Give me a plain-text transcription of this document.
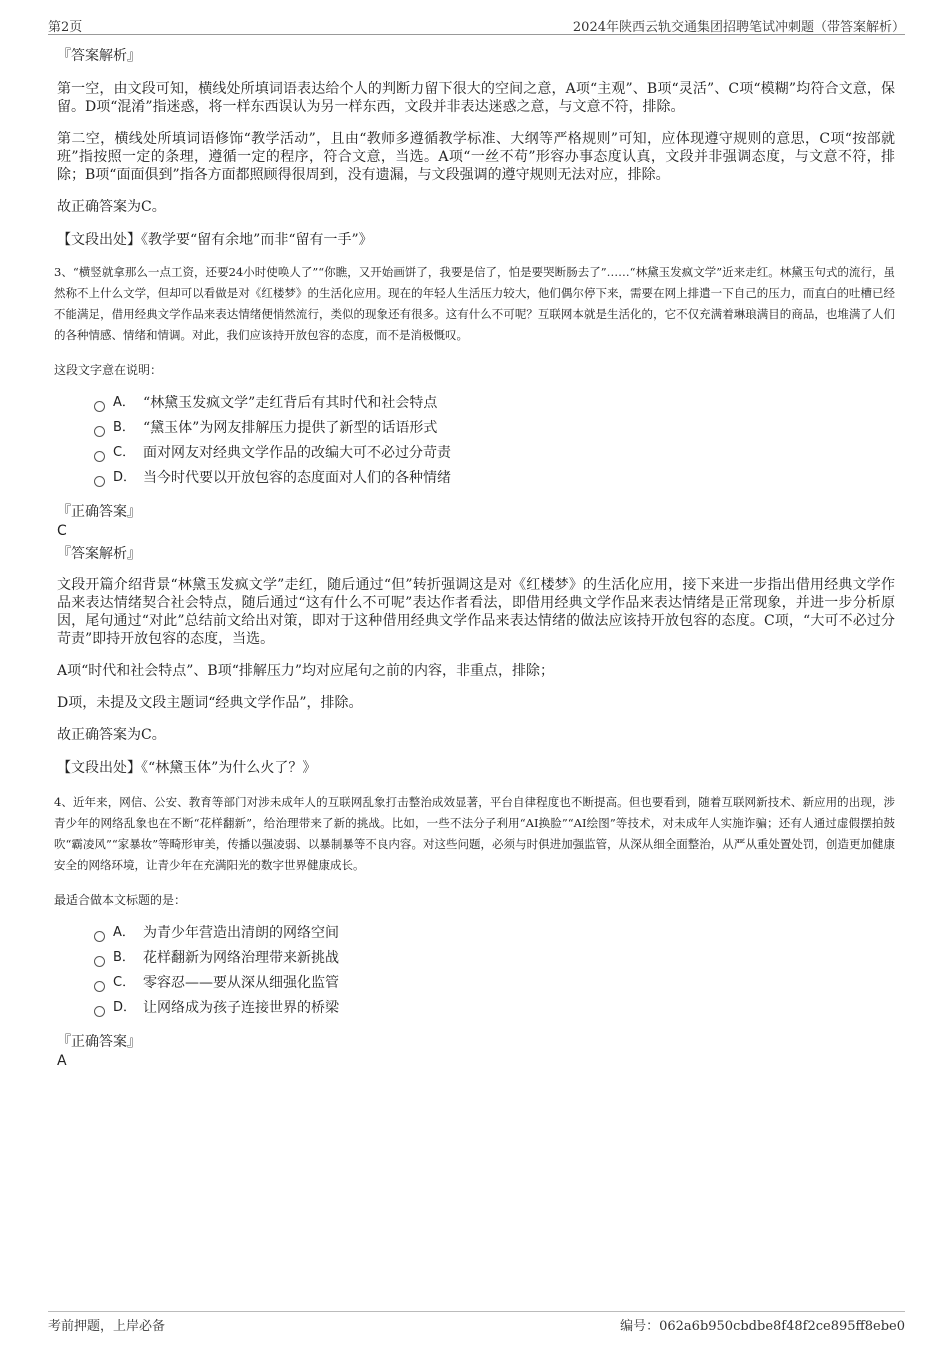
第2页	2024年陕西云轨交通集团招聘笔试冲刺题（带答案解析）
『答案解析』

第一空，由文段可知，横线处所填词语表达给个人的判断力留下很大的空间之意，A项“主观”、B项“灵活”、C项“模糊”均符合文意，保留。D项“混淆”指迷惑，将一样东西误认为另一样东西，文段并非表达迷惑之意，与文意不符，排除。

第二空，横线处所填词语修饰“教学活动”，且由“教师多遵循教学标准、大纲等严格规则”可知，应体现遵守规则的意思，C项“按部就班”指按照一定的条理，遵循一定的程序，符合文意，当选。A项“一丝不苟”形容办事态度认真，文段并非强调态度，与文意不符，排除；B项“面面俱到”指各方面都照顾得很周到，没有遗漏，与文段强调的遵守规则无法对应，排除。

故正确答案为C。

【文段出处】《教学要“留有余地”而非“留有一手”》

3、“横竖就拿那么一点工资，还要24小时使唤人了”“你瞧，又开始画饼了，我要是信了，怕是要哭断肠去了”……“林黛玉发疯文学”近来走红。林黛玉句式的流行，虽然称不上什么文学，但却可以看做是对《红楼梦》的生活化应用。现在的年轻人生活压力较大，他们偶尔停下来，需要在网上排遣一下自己的压力，而直白的吐槽已经不能满足，借用经典文学作品来表达情绪便悄然流行，类似的现象还有很多。这有什么不可呢？互联网本就是生活化的，它不仅充满着琳琅满目的商品，也堆满了人们的各种情感、情绪和情调。对此，我们应该持开放包容的态度，而不是消极慨叹。

这段文字意在说明：
A． “林黛玉发疯文学”走红背后有其时代和社会特点
B． “黛玉体”为网友排解压力提供了新型的话语形式
C． 面对网友对经典文学作品的改编大可不必过分苛责
D． 当今时代要以开放包容的态度面对人们的各种情绪
『正确答案』
C
『答案解析』

文段开篇介绍背景“林黛玉发疯文学”走红，随后通过“但”转折强调这是对《红楼梦》的生活化应用，接下来进一步指出借用经典文学作品来表达情绪契合社会特点，随后通过“这有什么不可呢”表达作者看法，即借用经典文学作品来表达情绪是正常现象，并进一步分析原因，尾句通过“对此”总结前文给出对策，即对于这种借用经典文学作品来表达情绪的做法应该持开放包容的态度。C项，“大可不必过分苛责”即持开放包容的态度，当选。

A项“时代和社会特点”、B项“排解压力”均对应尾句之前的内容，非重点，排除；

D项，未提及文段主题词“经典文学作品”，排除。

故正确答案为C。

【文段出处】《“林黛玉体”为什么火了？》

4、近年来，网信、公安、教育等部门对涉未成年人的互联网乱象打击整治成效显著，平台自律程度也不断提高。但也要看到，随着互联网新技术、新应用的出现，涉青少年的网络乱象也在不断“花样翻新”，给治理带来了新的挑战。比如，一些不法分子利用“AI换脸”“AI绘图”等技术，对未成年人实施诈骗；还有人通过虚假摆拍鼓吹“霸凌风”“家暴妆”等畸形审美，传播以强凌弱、以暴制暴等不良内容。对这些问题，必须与时俱进加强监管，从深从细全面整治，从严从重处置处罚，创造更加健康安全的网络环境，让青少年在充满阳光的数字世界健康成长。

最适合做本文标题的是：
A． 为青少年营造出清朗的网络空间
B． 花样翻新为网络治理带来新挑战
C． 零容忍——要从深从细强化监管
D． 让网络成为孩子连接世界的桥梁
『正确答案』
A
考前押题，上岸必备	编号：062a6b950cbdbe8f48f2ce895ff8ebe0
